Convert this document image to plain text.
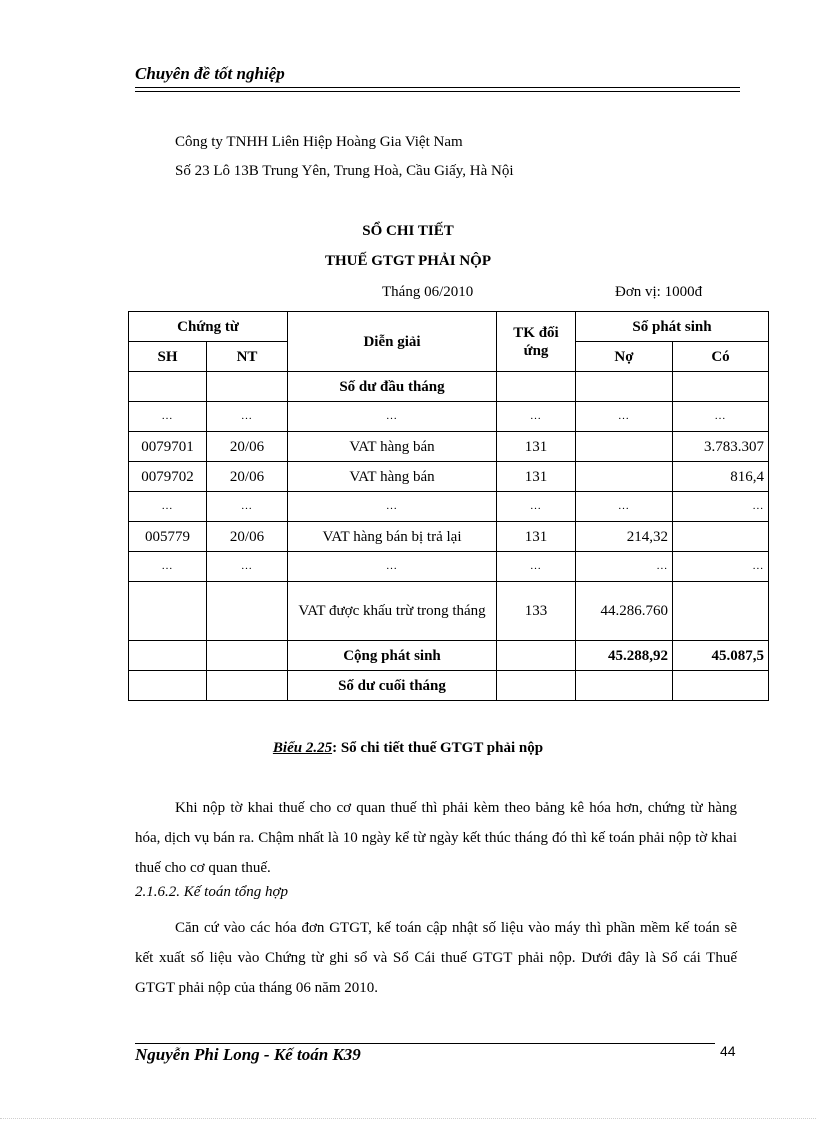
Chuyên đề tốt nghiệp
Công ty TNHH Liên Hiệp Hoàng Gia Việt Nam
Số 23 Lô 13B Trung Yên, Trung Hoà, Cầu Giấy, Hà Nội
SỔ CHI TIẾT
THUẾ GTGT PHẢI NỘP
Tháng 06/2010	Đơn vị: 1000đ
Chứng từ		Diễn giải	TK đối ứng	Số phát sinh	
SH	NT			Nợ	Có
		Số dư đầu tháng			
...	...	...	...	...	...
0079701	20/06	VAT hàng bán	131		3.783.307
0079702	20/06	VAT hàng bán	131		816,4
...	...	...	...	...	...
005779	20/06	VAT hàng bán bị trả lại	131	214,32	
...	...	...	...	...	...
		VAT được khấu trừ trong tháng	133	44.286.760	
		Cộng phát sinh		45.288,92	45.087,5
		Số dư cuối tháng			
Biểu 2.25: Sổ chi tiết thuế GTGT phải nộp
Khi nộp tờ khai thuế cho cơ quan thuế thì phải kèm theo bảng kê hóa hơn, chứng từ hàng hóa, dịch vụ bán ra. Chậm nhất là 10 ngày kể từ ngày kết thúc tháng đó thì kế toán phải nộp tờ khai thuế cho cơ quan thuế.
2.1.6.2. Kế toán tổng hợp
Căn cứ vào các hóa đơn GTGT, kế toán cập nhật số liệu vào máy thì phần mềm kế toán sẽ kết xuất số liệu vào Chứng từ ghi sổ và Sổ Cái thuế GTGT phải nộp. Dưới đây là Sổ cái Thuế GTGT phải nộp của tháng 06 năm 2010.
Nguyễn Phi Long - Kế toán K39	44
